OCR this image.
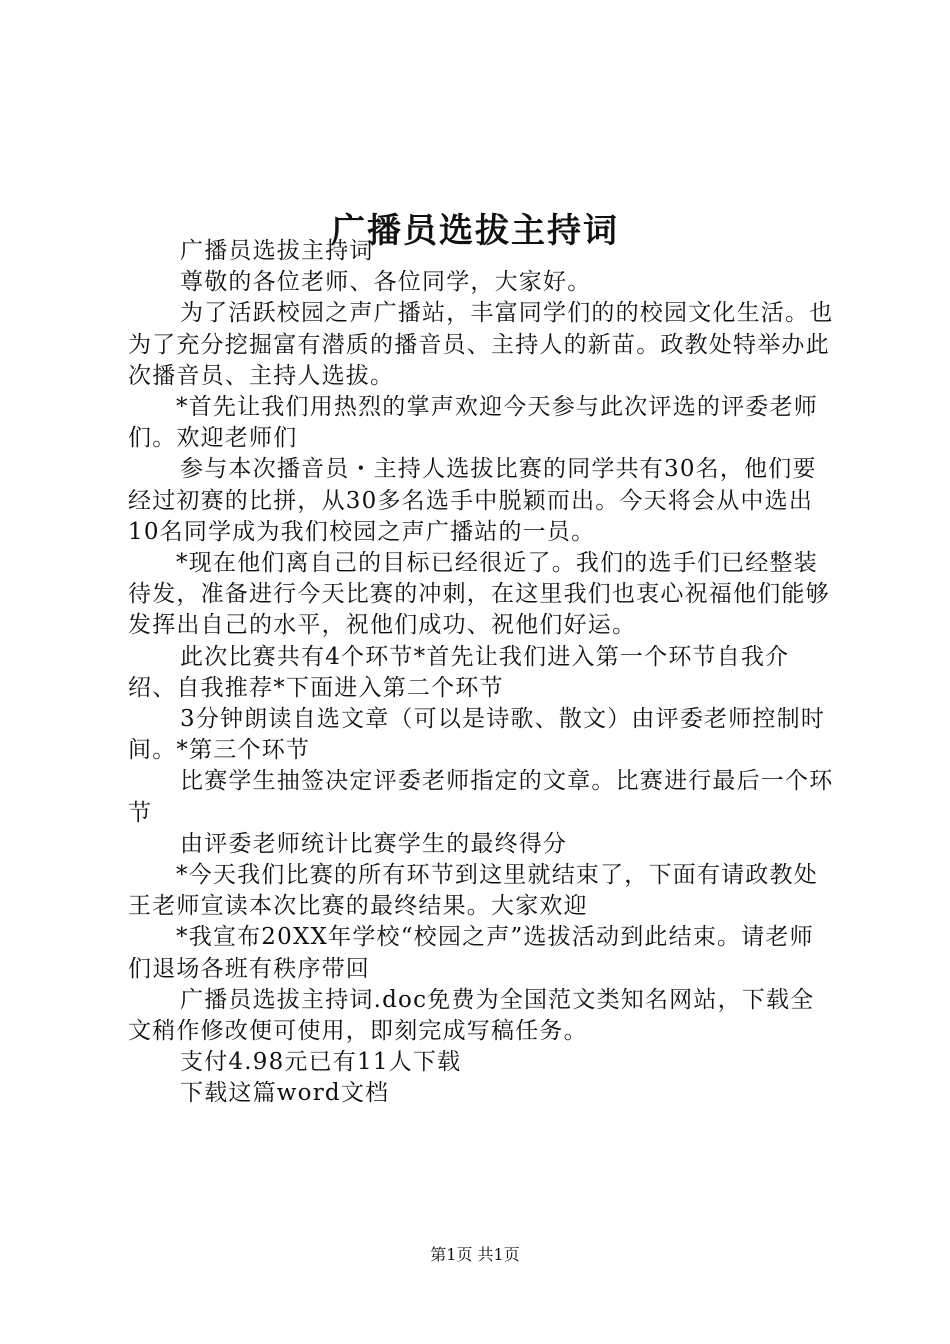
广播员选拔主持词

广播员选拔主持词

尊敬的各位老师、各位同学，大家好。

为了活跃校园之声广播站，丰富同学们的的校园文化生活。也为了充分挖掘富有潜质的播音员、主持人的新苗。政教处特举办此次播音员、主持人选拔。

*首先让我们用热烈的掌声欢迎今天参与此次评选的评委老师们。欢迎老师们

参与本次播音员・主持人选拔比赛的同学共有30名，他们要经过初赛的比拼，从30多名选手中脱颖而出。今天将会从中选出10名同学成为我们校园之声广播站的一员。

*现在他们离自己的目标已经很近了。我们的选手们已经整装待发，准备进行今天比赛的冲刺，在这里我们也衷心祝福他们能够发挥出自己的水平，祝他们成功、祝他们好运。

此次比赛共有4个环节*首先让我们进入第一个环节自我介绍、自我推荐*下面进入第二个环节

3分钟朗读自选文章（可以是诗歌、散文）由评委老师控制时间。*第三个环节

比赛学生抽签决定评委老师指定的文章。比赛进行最后一个环节

由评委老师统计比赛学生的最终得分

*今天我们比赛的所有环节到这里就结束了，下面有请政教处王老师宣读本次比赛的最终结果。大家欢迎

*我宣布20XX年学校“校园之声”选拔活动到此结束。请老师们退场各班有秩序带回

广播员选拔主持词.doc免费为全国范文类知名网站，下载全文稍作修改便可使用，即刻完成写稿任务。

支付4.98元已有11人下载

下载这篇word文档

第1页 共1页
